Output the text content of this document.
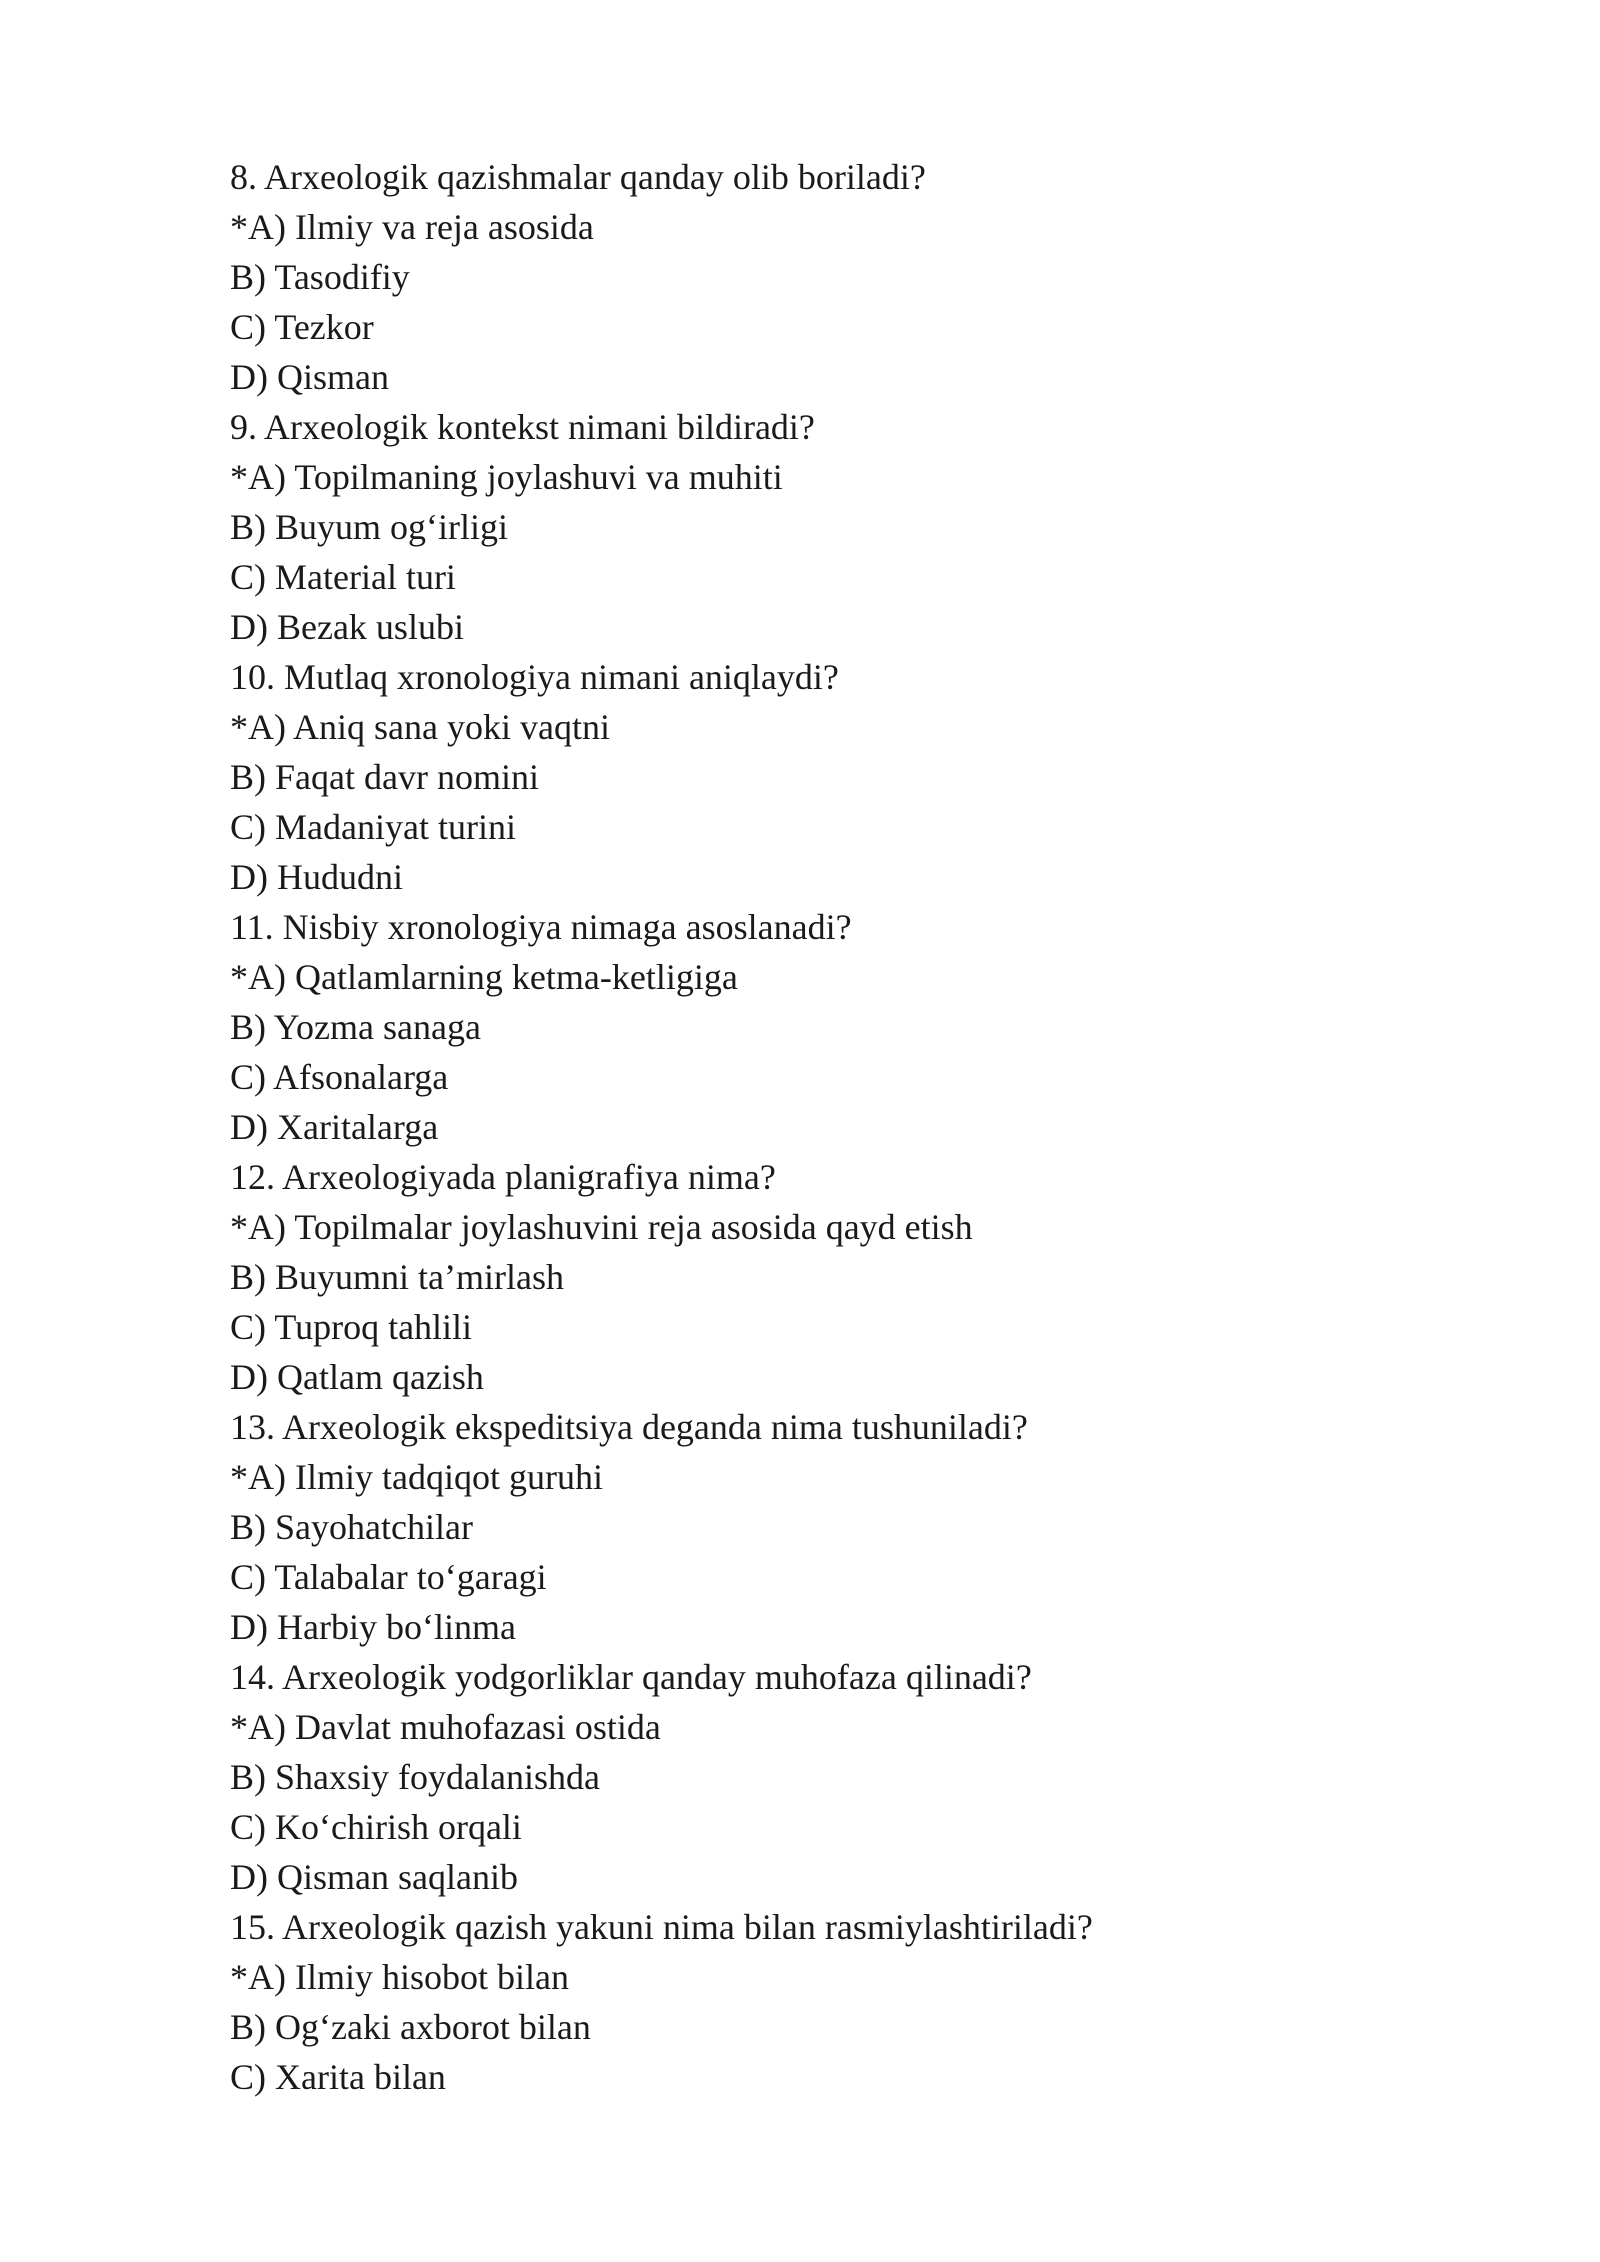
8. Arxeologik qazishmalar qanday olib boriladi?

*A) Ilmiy va reja asosida

B) Tasodifiy

C) Tezkor

D) Qisman

9. Arxeologik kontekst nimani bildiradi?

*A) Topilmaning joylashuvi va muhiti

B) Buyum og‘irligi

C) Material turi

D) Bezak uslubi

10. Mutlaq xronologiya nimani aniqlaydi?

*A) Aniq sana yoki vaqtni

B) Faqat davr nomini

C) Madaniyat turini

D) Hududni

11. Nisbiy xronologiya nimaga asoslanadi?

*A) Qatlamlarning ketma-ketligiga

B) Yozma sanaga

C) Afsonalarga

D) Xaritalarga

12. Arxeologiyada planigrafiya nima?

*A) Topilmalar joylashuvini reja asosida qayd etish

B) Buyumni ta’mirlash

C) Tuproq tahlili

D) Qatlam qazish

13. Arxeologik ekspeditsiya deganda nima tushuniladi?

*A) Ilmiy tadqiqot guruhi

B) Sayohatchilar

C) Talabalar to‘garagi

D) Harbiy bo‘linma

14. Arxeologik yodgorliklar qanday muhofaza qilinadi?

*A) Davlat muhofazasi ostida

B) Shaxsiy foydalanishda

C) Ko‘chirish orqali

D) Qisman saqlanib

15. Arxeologik qazish yakuni nima bilan rasmiylashtiriladi?

*A) Ilmiy hisobot bilan

B) Og‘zaki axborot bilan

C) Xarita bilan
